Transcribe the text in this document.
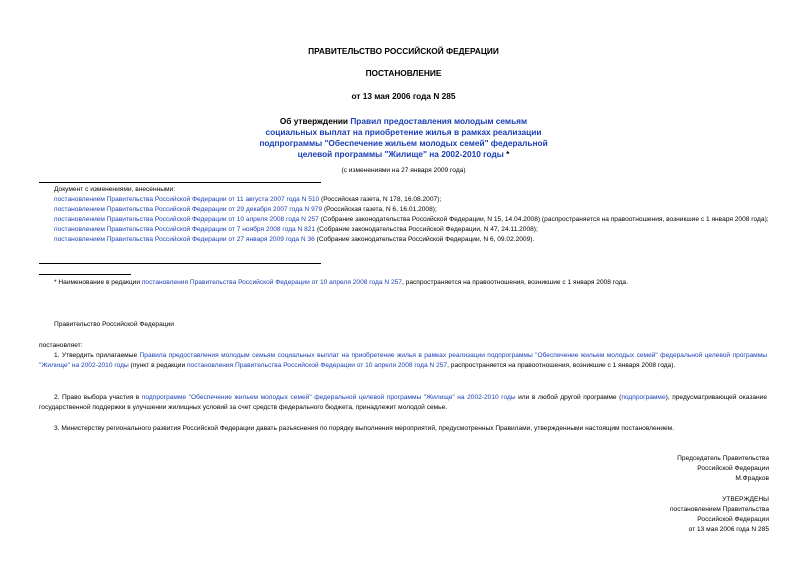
ПРАВИТЕЛЬСТВО РОССИЙСКОЙ ФЕДЕРАЦИИ
ПОСТАНОВЛЕНИЕ
от 13 мая 2006 года N 285
Об утверждении Правил предоставления молодым семьям
социальных выплат на приобретение жилья в рамках реализации
подпрограммы "Обеспечение жильем молодых семей" федеральной
целевой программы "Жилище" на 2002-2010 годы *
(с изменениями на 27 января 2009 года)
Документ с изменениями, внесенными:
постановлением Правительства Российской Федерации от 11 августа 2007 года N 510 (Российская газета, N 178, 16.08.2007);
постановлением Правительства Российской Федерации от 29 декабря 2007 года N 979 (Российская газета, N 6, 16.01.2008);
постановлением Правительства Российской Федерации от 10 апреля 2008 года N 257 (Собрание законодательства Российской Федерации, N 15, 14.04.2008) (распространяется на правоотношения, возникшие с 1 января 2008 года);
постановлением Правительства Российской Федерации от 7 ноября 2008 года N 821 (Собрание законодательства Российской Федерации, N 47, 24.11.2008);
постановлением Правительства Российской Федерации от 27 января 2009 года N 36 (Собрание законодательства Российской Федерации, N 6, 09.02.2009).
* Наименование в редакции постановления Правительства Российской Федерации от 10 апреля 2008 года N 257, распространяется на правоотношения, возникшие с 1 января 2008 года.
Правительство Российской Федерации
постановляет:
1. Утвердить прилагаемые Правила предоставления молодым семьям социальных выплат на приобретение жилья в рамках реализации подпрограммы "Обеспечение жильем молодых семей" федеральной целевой программы "Жилище" на 2002-2010 годы (пункт в редакции постановления Правительства Российской Федерации от 10 апреля 2008 года N 257, распространяется на правоотношения, возникшие с 1 января 2008 года).
2. Право выбора участия в подпрограмме "Обеспечение жильем молодых семей" федеральной целевой программы "Жилище" на 2002-2010 годы или в любой другой программе (подпрограмме), предусматривающей оказание государственной поддержки в улучшении жилищных условий за счет средств федерального бюджета, принадлежит молодой семье.
3. Министерству регионального развития Российской Федерации давать разъяснения по порядку выполнения мероприятий, предусмотренных Правилами, утвержденными настоящим постановлением.
Председатель Правительства
Российской Федерации
М.Фрадков
УТВЕРЖДЕНЫ
постановлением Правительства
Российской Федерации
от 13 мая 2006 года N 285
